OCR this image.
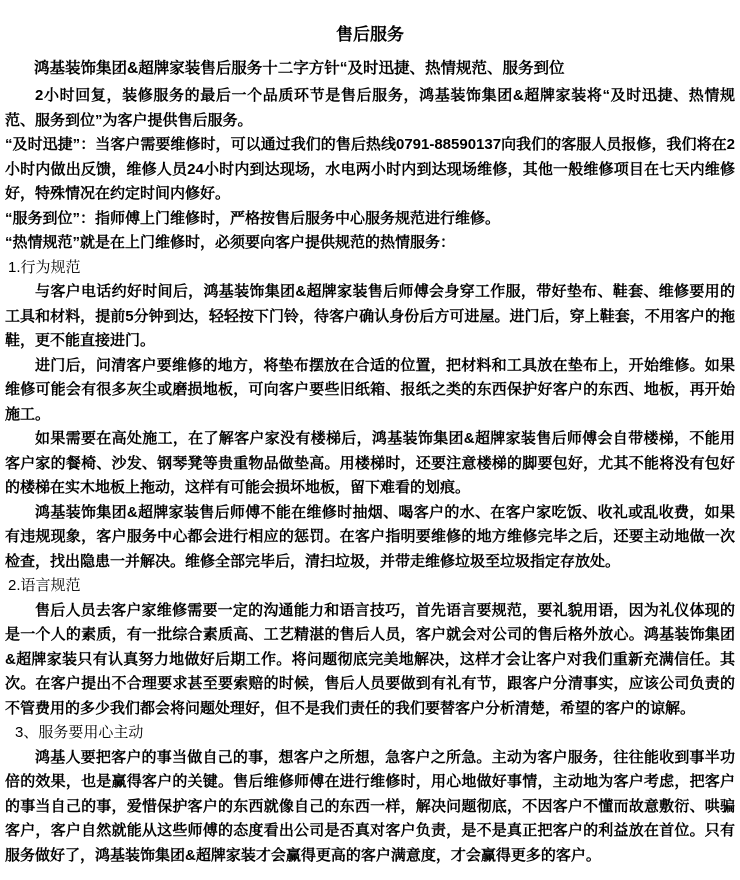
售后服务
鸿基装饰集团&超牌家装售后服务十二字方针“及时迅捷、热情规范、服务到位

2小时回复，装修服务的最后一个品质环节是售后服务，鸿基装饰集团&超牌家装将“及时迅捷、热情规范、服务到位”为客户提供售后服务。

“及时迅捷”：当客户需要维修时，可以通过我们的售后热线0791-88590137向我们的客服人员报修，我们将在2小时内做出反馈，维修人员24小时内到达现场，水电两小时内到达现场维修，其他一般维修项目在七天内维修好，特殊情况在约定时间内修好。

“服务到位”：指师傅上门维修时，严格按售后服务中心服务规范进行维修。

“热情规范”就是在上门维修时，必须要向客户提供规范的热情服务：

1.行为规范

与客户电话约好时间后，鸿基装饰集团&超牌家装售后师傅会身穿工作服，带好垫布、鞋套、维修要用的工具和材料，提前5分钟到达，轻轻按下门铃，待客户确认身份后方可进屋。进门后，穿上鞋套，不用客户的拖鞋，更不能直接进门。

进门后，问清客户要维修的地方，将垫布摆放在合适的位置，把材料和工具放在垫布上，开始维修。如果维修可能会有很多灰尘或磨损地板，可向客户要些旧纸箱、报纸之类的东西保护好客户的东西、地板，再开始施工。

如果需要在高处施工，在了解客户家没有楼梯后，鸿基装饰集团&超牌家装售后师傅会自带楼梯，不能用客户家的餐椅、沙发、钢琴凳等贵重物品做垫高。用楼梯时，还要注意楼梯的脚要包好，尤其不能将没有包好的楼梯在实木地板上拖动，这样有可能会损坏地板，留下难看的划痕。

鸿基装饰集团&超牌家装售后师傅不能在维修时抽烟、喝客户的水、在客户家吃饭、收礼或乱收费，如果有违规现象，客户服务中心都会进行相应的惩罚。在客户指明要维修的地方维修完毕之后，还要主动地做一次检查，找出隐患一并解决。维修全部完毕后，清扫垃圾，并带走维修垃圾至垃圾指定存放处。

2.语言规范

售后人员去客户家维修需要一定的沟通能力和语言技巧，首先语言要规范，要礼貌用语，因为礼仪体现的是一个人的素质，有一批综合素质高、工艺精湛的售后人员，客户就会对公司的售后格外放心。鸿基装饰集团&超牌家装只有认真努力地做好后期工作。将问题彻底完美地解决，这样才会让客户对我们重新充满信任。其次。在客户提出不合理要求甚至要索赔的时候，售后人员要做到有礼有节，跟客户分清事实，应该公司负责的不管费用的多少我们都会将问题处理好，但不是我们责任的我们要替客户分析清楚，希望的客户的谅解。

3、服务要用心主动

鸿基人要把客户的事当做自己的事，想客户之所想，急客户之所急。主动为客户服务，往往能收到事半功倍的效果，也是赢得客户的关键。售后维修师傅在进行维修时，用心地做好事情，主动地为客户考虑，把客户的事当自己的事，爱惜保护客户的东西就像自己的东西一样，解决问题彻底，不因客户不懂而故意敷衍、哄骗客户，客户自然就能从这些师傅的态度看出公司是否真对客户负责，是不是真正把客户的利益放在首位。只有服务做好了，鸿基装饰集团&超牌家装才会赢得更高的客户满意度，才会赢得更多的客户。
